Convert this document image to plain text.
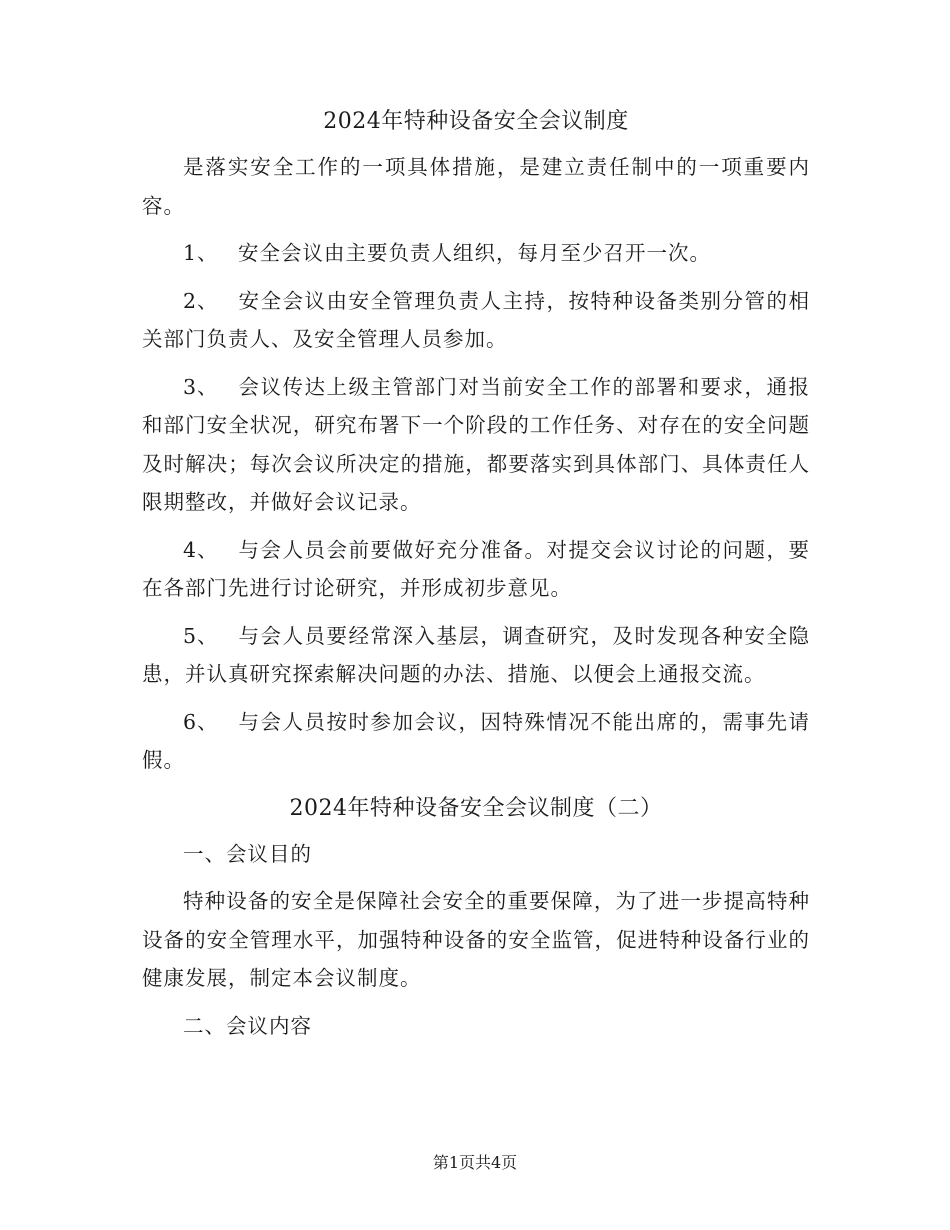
2024年特种设备安全会议制度

是落实安全工作的一项具体措施，是建立责任制中的一项重要内容。

1、 安全会议由主要负责人组织，每月至少召开一次。

2、 安全会议由安全管理负责人主持，按特种设备类别分管的相关部门负责人、及安全管理人员参加。

3、 会议传达上级主管部门对当前安全工作的部署和要求，通报和部门安全状况，研究布署下一个阶段的工作任务、对存在的安全问题及时解决；每次会议所决定的措施，都要落实到具体部门、具体责任人限期整改，并做好会议记录。

4、 与会人员会前要做好充分准备。对提交会议讨论的问题，要在各部门先进行讨论研究，并形成初步意见。

5、 与会人员要经常深入基层，调查研究，及时发现各种安全隐患，并认真研究探索解决问题的办法、措施、以便会上通报交流。

6、 与会人员按时参加会议，因特殊情况不能出席的，需事先请假。

2024年特种设备安全会议制度（二）

一、会议目的

特种设备的安全是保障社会安全的重要保障，为了进一步提高特种设备的安全管理水平，加强特种设备的安全监管，促进特种设备行业的健康发展，制定本会议制度。

二、会议内容

第1页共4页
